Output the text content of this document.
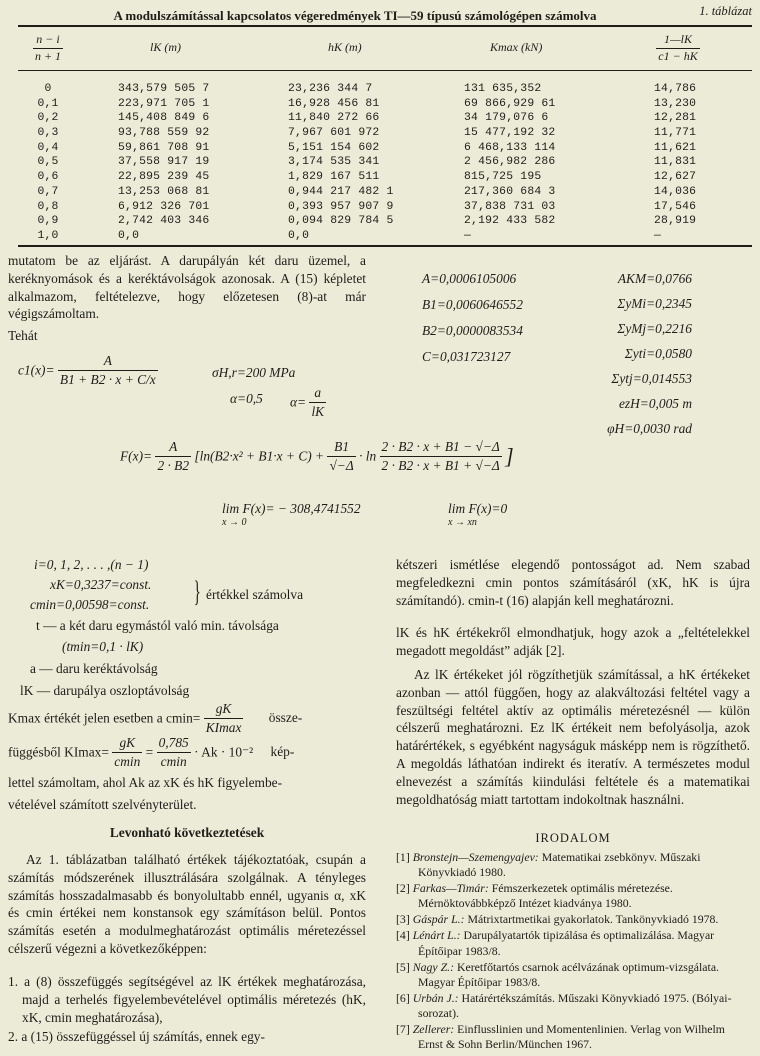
A modulszámítással kapcsolatos végeredmények TI—59 típusú számológépen számolva	1. táblázat
$\frac{n - i}{n + 1}$	lK (m)	hK (m)	Kmax (kN)	$\frac{1—lK}{c1 - hK}$
0	343,579 505 7	23,236 344 7	131 635,352	14,786
0,1	223,971 705 1	16,928 456 81	69 866,929 61	13,230
0,2	145,408 849 6	11,840 272 66	34 179,076 6	12,281
0,3	93,788 559 92	7,967 601 972	15 477,192 32	11,771
0,4	59,861 708 91	5,151 154 602	6 468,133 114	11,621
0,5	37,558 917 19	3,174 535 341	2 456,982 286	11,831
0,6	22,895 239 45	1,829 167 511	815,725 195	12,627
0,7	13,253 068 81	0,944 217 482 1	217,360 684 3	14,036
0,8	6,912 326 701	0,393 957 907 9	37,838 731 03	17,546
0,9	2,742 403 346	0,094 829 784 5	2,192 433 582	28,919
1,0	0,0	0,0	—	—
mutatom be az eljárást. A darupályán két daru üzemel, a keréknyomások és a keréktávolságok azonosak. A (15) képletet alkalmazom, feltételezve, hogy előzetesen (8)-at már végigszámoltam.
Tehát
$c1(x)= \frac{A}{B1 + B2 \cdot x + C/x}$	σH,r=200 MPa
α=0,5 $\alpha= \frac{a}{lK}$
A=0,0006105006
B1=0,0060646552
B2=0,0000083534
C=0,031723127
AKM=0,0766
ΣyMi=0,2345
ΣyMj=0,2216
Σyti=0,0580
Σytj=0,014553
ezH=0,005 m
φH=0,0030 rad
$F(x)= \frac{A}{2 \cdot B2} [\ln(B2\cdot x^2 + B1\cdot x + C) + \frac{B1}{√-\Delta} \cdot \ln \frac{2 \cdot B2 \cdot x + B1 - √-\Delta}{2 \cdot B2 \cdot x + B1 + √-\Delta}$ ]
lim F(x)= − 308,4741552
x → 0
lim F(x)=0
x → xn
i=0, 1, 2, . . . ,(n − 1)
xK=0,3237=const.
cmin=0,00598=const. } értékkel számolva
t — a két daru egymástól való min. távolsága
(tmin=0,1 · lK)
a — daru keréktávolság
lK — darupálya oszloptávolság
Kmax értékét jelen esetben a $cmin= \frac{gK}{KImax}$ össze-
függésből $KImax= \frac{gK}{cmin} = \frac{0,785}{cmin} \cdot Ak \cdot 10^{-2}$ kép-
lettel számoltam, ahol Ak az xK és hK figyelembe-
vételével számított szelvényterület.
Levonható következtetések
Az 1. táblázatban található értékek tájékoztatóak, csupán a számítás módszerének illusztrálására szolgálnak. A tényleges számítás hosszadalmasabb és bonyolultabb ennél, ugyanis α, xK és cmin értékei nem konstansok egy számításon belül. Pontos számítás esetén a modulmeghatározást optimális méretezéssel célszerű végezni a következőképpen:
1. a (8) összefüggés segítségével az lK értékek meghatározása, majd a terhelés figyelembevételével optimális méretezés (hK, xK, cmin meghatározása),
2. a (15) összefüggéssel új számítás, ennek egy-
kétszeri ismétlése elegendő pontosságot ad. Nem szabad megfeledkezni cmin pontos számításáról (xK, hK is újra számítandó). cmin-t (16) alapján kell meghatározni.
lK és hK értékekről elmondhatjuk, hogy azok a „feltételekkel megadott megoldást” adják [2].
Az lK értékeket jól rögzíthetjük számítással, a hK értékeket azonban — attól függően, hogy az alakváltozási feltétel vagy a feszültségi feltétel aktív az optimális méretezésnél — külön célszerű meghatározni. Ez lK értékeit nem befolyásolja, azok határértékek, s egyébként nagyságuk másképp nem is rögzíthető. A megoldás láthatóan indirekt és iteratív. A természetes modul elnevezést a számítás kiindulási feltétele és a matematikai megoldhatóság miatt tartottam indokoltnak használni.
IRODALOM
[1] Bronstejn—Szemengyajev: Matematikai zsebkönyv. Műszaki Könyvkiadó 1980.
[2] Farkas—Timár: Fémszerkezetek optimális méretezése. Mérnöktovábbképző Intézet kiadványa 1980.
[3] Gáspár L.: Mátrixtartmetikai gyakorlatok. Tankönyvkiadó 1978.
[4] Lénárt L.: Darupályatartók tipizálása és optimalizálása. Magyar Építőipar 1983/8.
[5] Nagy Z.: Keretfőtartós csarnok acélvázának optimum-vizsgálata. Magyar Építőipar 1983/8.
[6] Urbán J.: Határértékszámítás. Műszaki Könyvkiadó 1975. (Bólyai-sorozat).
[7] Zellerer: Einflusslinien und Momentenlinien. Verlag von Wilhelm Ernst & Sohn Berlin/München 1967.
